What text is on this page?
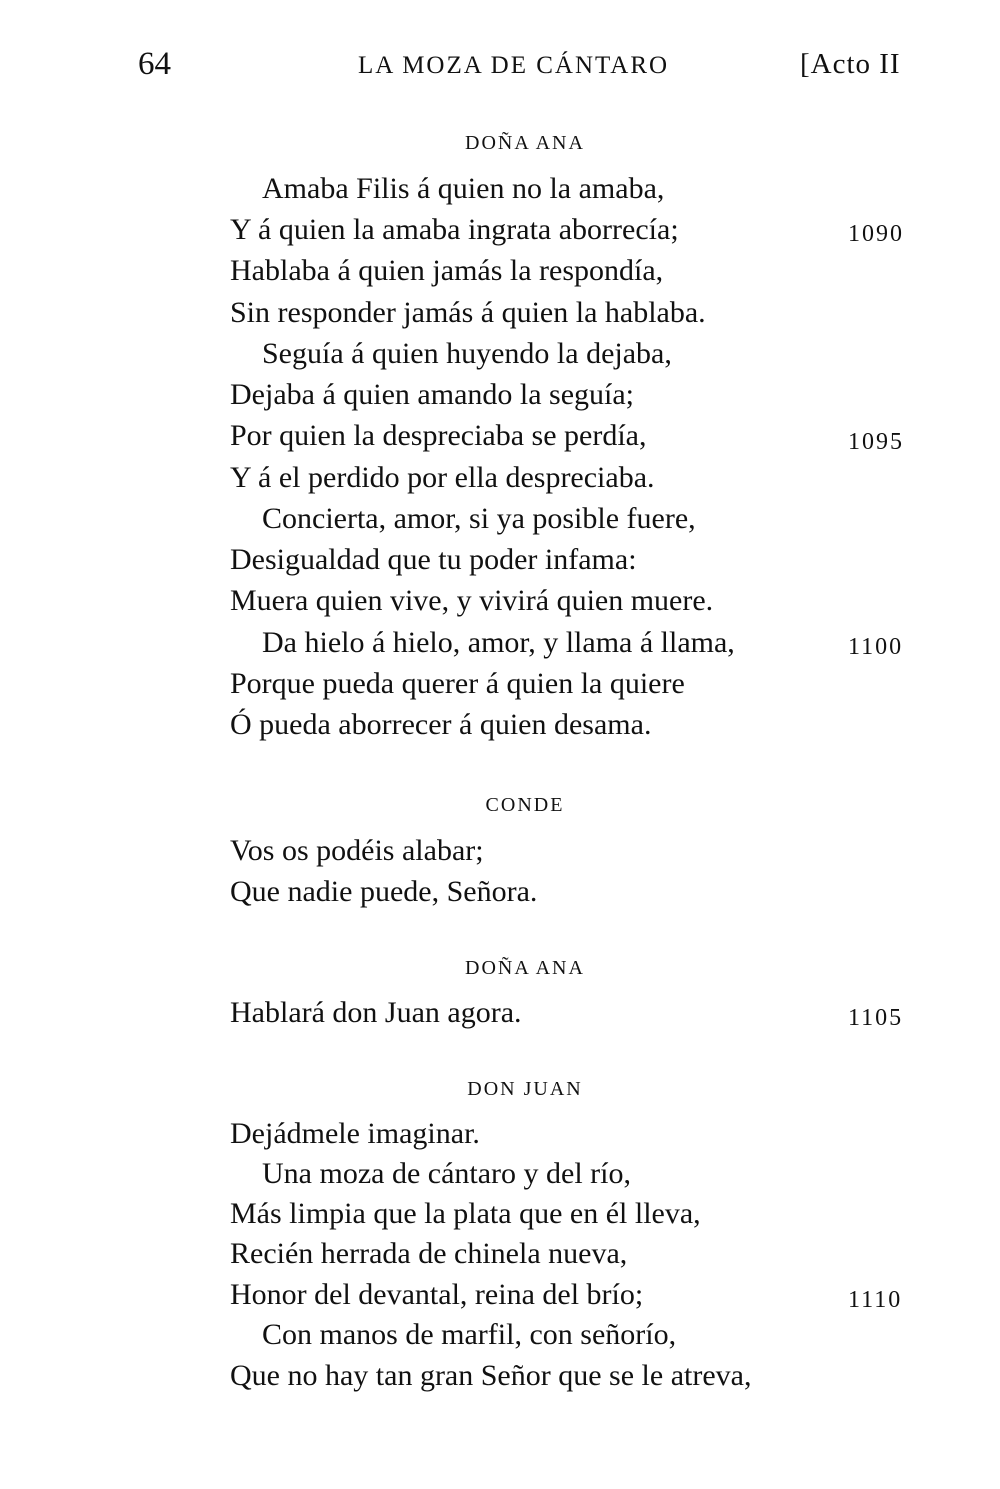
64	LA MOZA DE CÁNTARO	[Acto II
DOÑA ANA
Amaba Filis á quien no la amaba,
Y á quien la amaba ingrata aborrecía;	1090
Hablaba á quien jamás la respondía,
Sin responder jamás á quien la hablaba.
Seguía á quien huyendo la dejaba,
Dejaba á quien amando la seguía;
Por quien la despreciaba se perdía,	1095
Y á el perdido por ella despreciaba.
Concierta, amor, si ya posible fuere,
Desigualdad que tu poder infama:
Muera quien vive, y vivirá quien muere.
Da hielo á hielo, amor, y llama á llama,	1100
Porque pueda querer á quien la quiere
Ó pueda aborrecer á quien desama.
CONDE
Vos os podéis alabar;
Que nadie puede, Señora.
DOÑA ANA
Hablará don Juan agora.	1105
DON JUAN
Dejádmele imaginar.
Una moza de cántaro y del río,
Más limpia que la plata que en él lleva,
Recién herrada de chinela nueva,
Honor del devantal, reina del brío;	1110
Con manos de marfil, con señorío,
Que no hay tan gran Señor que se le atreva,
